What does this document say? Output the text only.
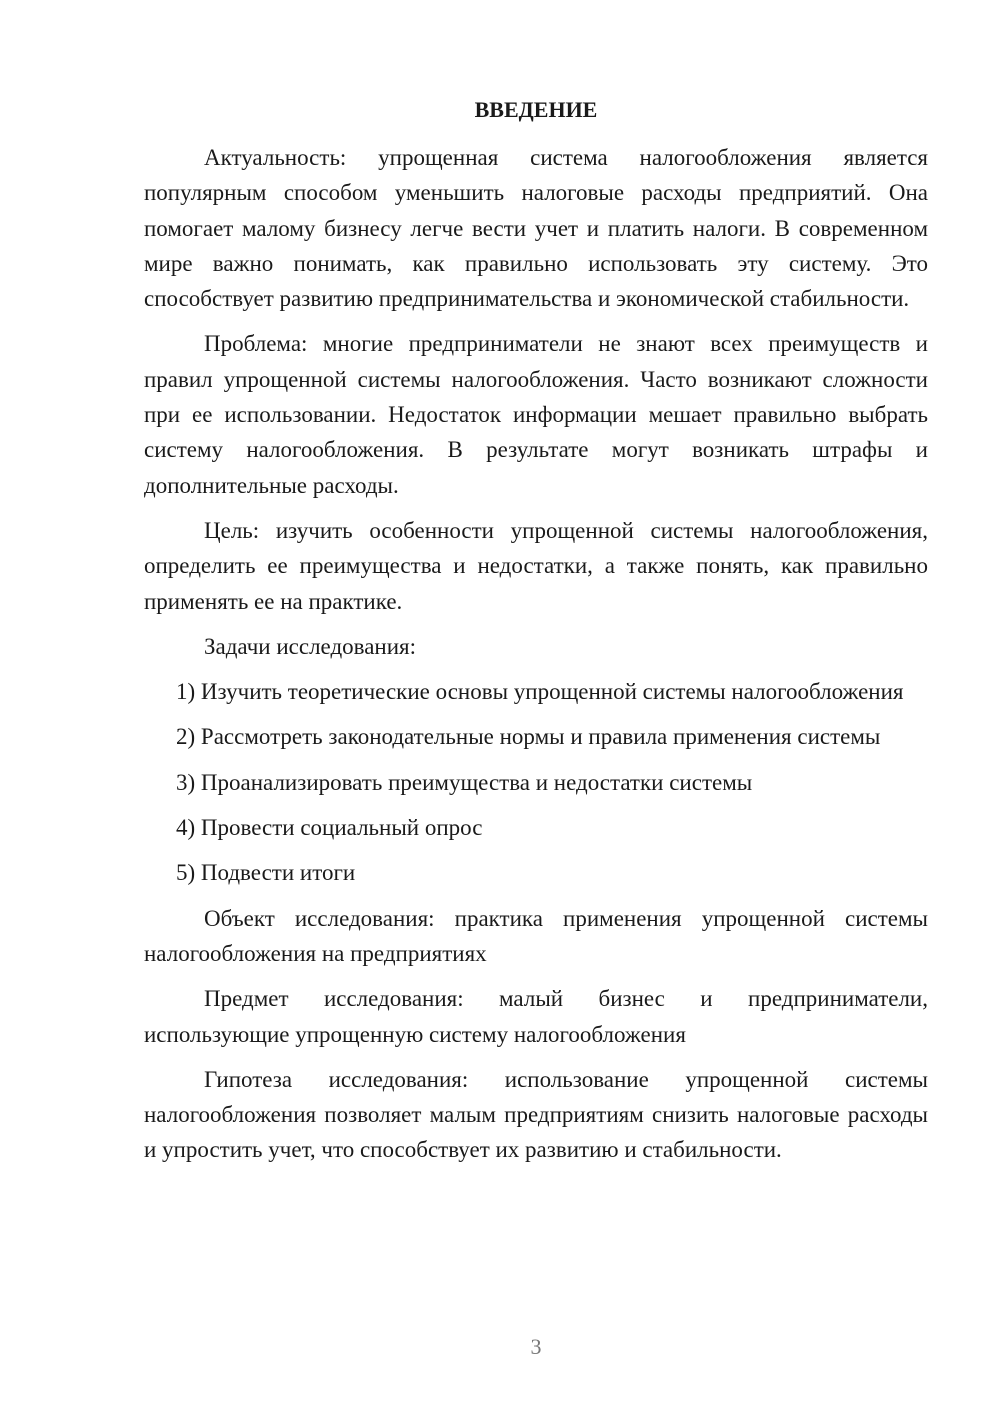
ВВЕДЕНИЕ

Актуальность: упрощенная система налогообложения является популярным способом уменьшить налоговые расходы предприятий. Она помогает малому бизнесу легче вести учет и платить налоги. В современном мире важно понимать, как правильно использовать эту систему. Это способствует развитию предпринимательства и экономической стабильности.

Проблема: многие предприниматели не знают всех преимуществ и правил упрощенной системы налогообложения. Часто возникают сложности при ее использовании. Недостаток информации мешает правильно выбрать систему налогообложения. В результате могут возникать штрафы и дополнительные расходы.

Цель: изучить особенности упрощенной системы налогообложения, определить ее преимущества и недостатки, а также понять, как правильно применять ее на практике.

Задачи исследования:

1) Изучить теоретические основы упрощенной системы налогообложения

2) Рассмотреть законодательные нормы и правила применения системы

3) Проанализировать преимущества и недостатки системы

4) Провести социальный опрос

5) Подвести итоги

Объект исследования: практика применения упрощенной системы налогообложения на предприятиях

Предмет исследования: малый бизнес и предприниматели, использующие упрощенную систему налогообложения

Гипотеза исследования: использование упрощенной системы налогообложения позволяет малым предприятиям снизить налоговые расходы и упростить учет, что способствует их развитию и стабильности.

3
